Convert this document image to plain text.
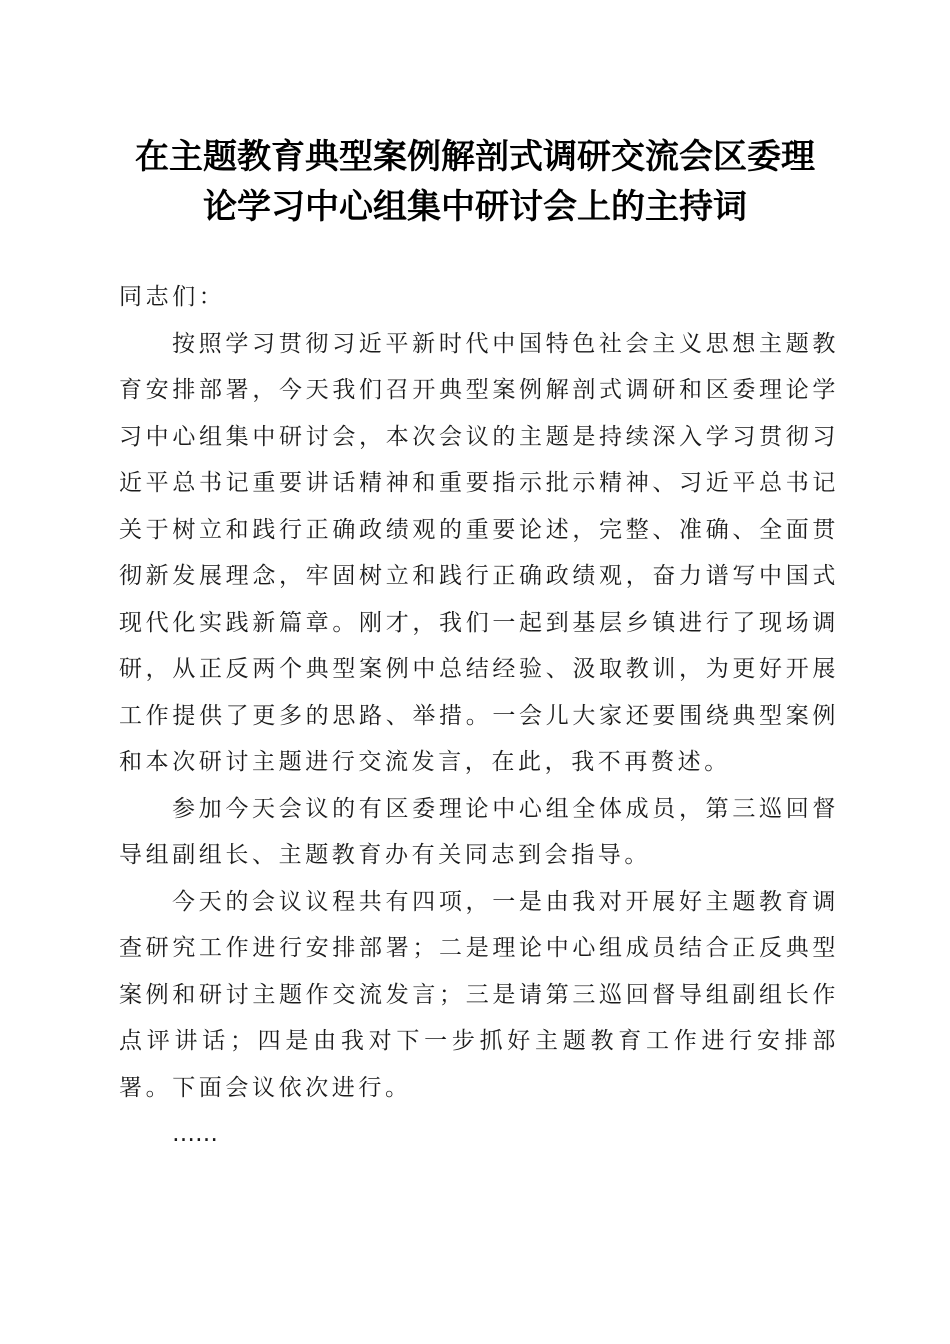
在主题教育典型案例解剖式调研交流会区委理
论学习中心组集中研讨会上的主持词

同志们：

按照学习贯彻习近平新时代中国特色社会主义思想主题教育安排部署，今天我们召开典型案例解剖式调研和区委理论学习中心组集中研讨会，本次会议的主题是持续深入学习贯彻习近平总书记重要讲话精神和重要指示批示精神、习近平总书记关于树立和践行正确政绩观的重要论述，完整、准确、全面贯彻新发展理念，牢固树立和践行正确政绩观，奋力谱写中国式现代化实践新篇章。刚才，我们一起到基层乡镇进行了现场调研，从正反两个典型案例中总结经验、汲取教训，为更好开展工作提供了更多的思路、举措。一会儿大家还要围绕典型案例和本次研讨主题进行交流发言，在此，我不再赘述。

参加今天会议的有区委理论中心组全体成员，第三巡回督导组副组长、主题教育办有关同志到会指导。

今天的会议议程共有四项，一是由我对开展好主题教育调查研究工作进行安排部署；二是理论中心组成员结合正反典型案例和研讨主题作交流发言；三是请第三巡回督导组副组长作点评讲话；四是由我对下一步抓好主题教育工作进行安排部署。下面会议依次进行。

……
